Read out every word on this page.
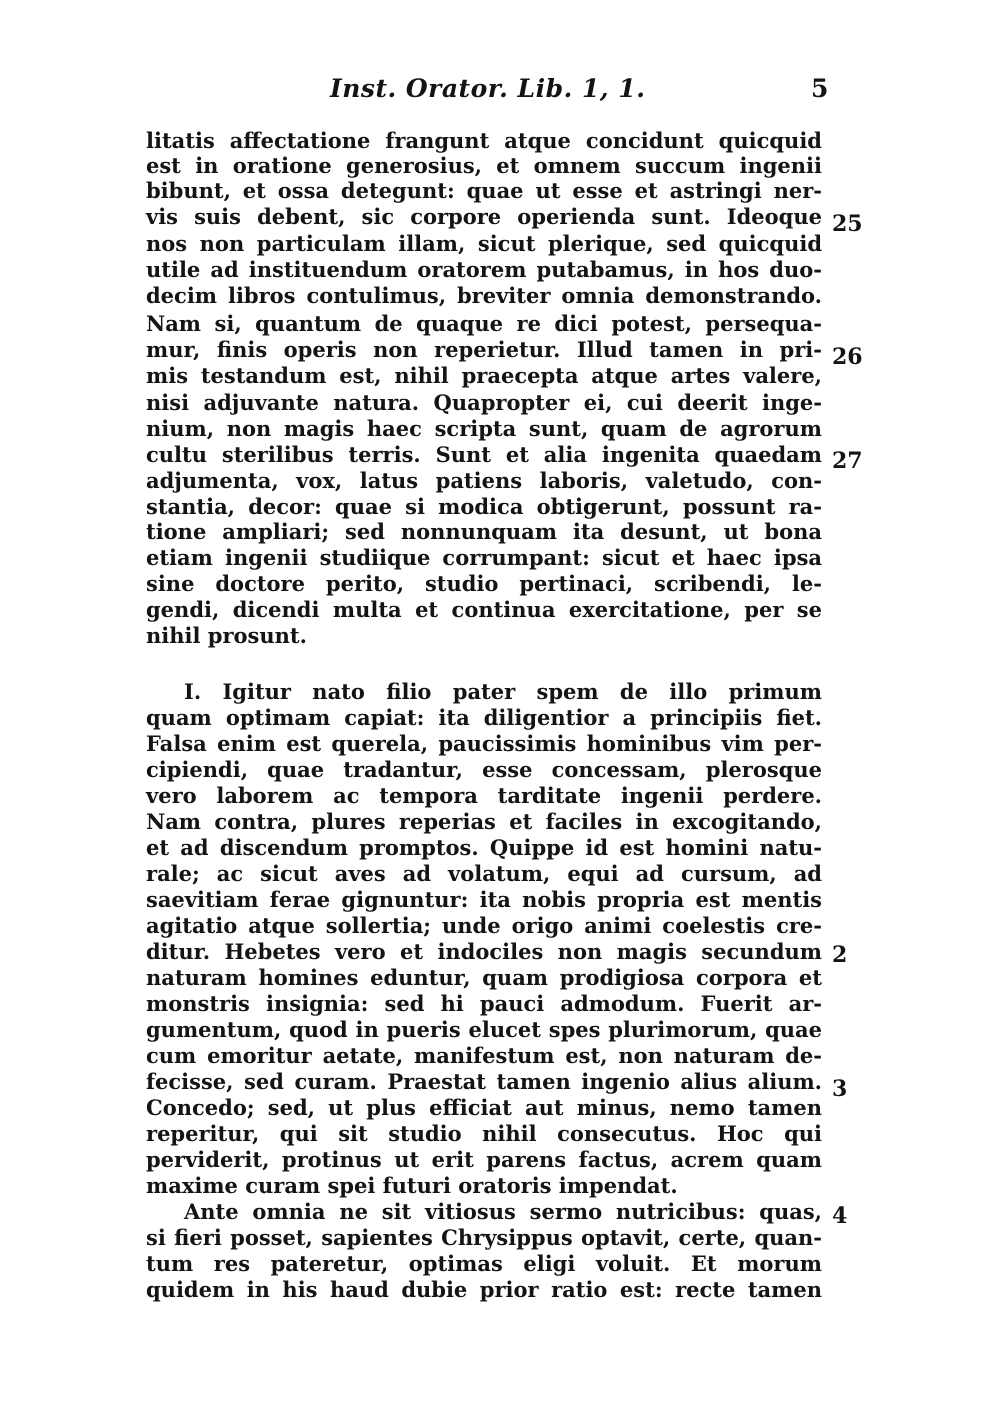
Inst. Orator. Lib. 1, 1.	5
litatis affectatione frangunt atque concidunt quicquid
est in oratione generosius, et omnem succum ingenii
bibunt, et ossa detegunt: quae ut esse et astringi ner-
vis suis debent, sic corpore operienda sunt. Ideoque
nos non particulam illam, sicut plerique, sed quicquid
utile ad instituendum oratorem putabamus, in hos duo-
decim libros contulimus, breviter omnia demonstrando.
Nam si, quantum de quaque re dici potest, persequa-
mur, finis operis non reperietur. Illud tamen in pri-
mis testandum est, nihil praecepta atque artes valere,
nisi adjuvante natura. Quapropter ei, cui deerit inge-
nium, non magis haec scripta sunt, quam de agrorum
cultu sterilibus terris. Sunt et alia ingenita quaedam
adjumenta, vox, latus patiens laboris, valetudo, con-
stantia, decor: quae si modica obtigerunt, possunt ra-
tione ampliari; sed nonnunquam ita desunt, ut bona
etiam ingenii studiique corrumpant: sicut et haec ipsa
sine doctore perito, studio pertinaci, scribendi, le-
gendi, dicendi multa et continua exercitatione, per se
nihil prosunt.
I. Igitur nato filio pater spem de illo primum
quam optimam capiat: ita diligentior a principiis fiet.
Falsa enim est querela, paucissimis hominibus vim per-
cipiendi, quae tradantur, esse concessam, plerosque
vero laborem ac tempora tarditate ingenii perdere.
Nam contra, plures reperias et faciles in excogitando,
et ad discendum promptos. Quippe id est homini natu-
rale; ac sicut aves ad volatum, equi ad cursum, ad
saevitiam ferae gignuntur: ita nobis propria est mentis
agitatio atque sollertia; unde origo animi coelestis cre-
ditur. Hebetes vero et indociles non magis secundum
naturam homines eduntur, quam prodigiosa corpora et
monstris insignia: sed hi pauci admodum. Fuerit ar-
gumentum, quod in pueris elucet spes plurimorum, quae
cum emoritur aetate, manifestum est, non naturam de-
fecisse, sed curam. Praestat tamen ingenio alius alium.
Concedo; sed, ut plus efficiat aut minus, nemo tamen
reperitur, qui sit studio nihil consecutus. Hoc qui
perviderit, protinus ut erit parens factus, acrem quam
maxime curam spei futuri oratoris impendat.
Ante omnia ne sit vitiosus sermo nutricibus: quas,
si fieri posset, sapientes Chrysippus optavit, certe, quan-
tum res pateretur, optimas eligi voluit. Et morum
quidem in his haud dubie prior ratio est: recte tamen
25
26
27
2
3
4
